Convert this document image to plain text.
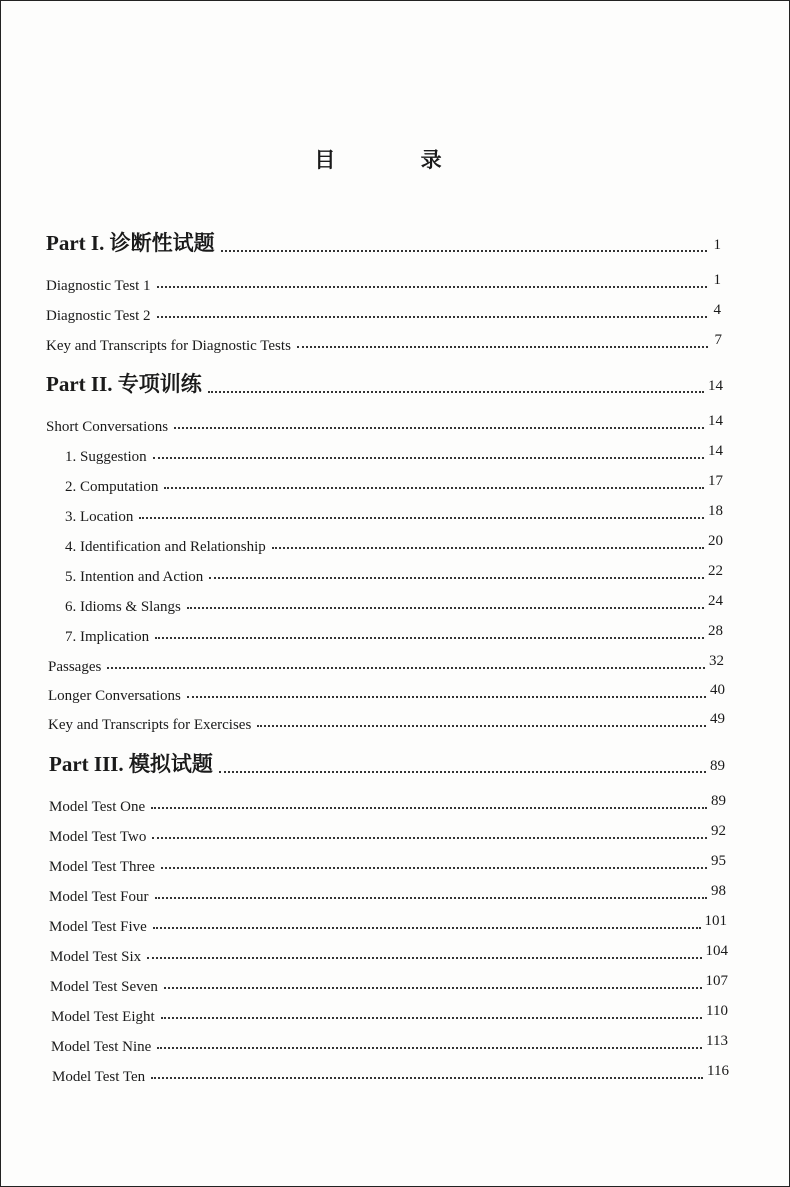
目 录
Part I. 诊断性试题	1
Diagnostic Test 1	1
Diagnostic Test 2	4
Key and Transcripts for Diagnostic Tests	7
Part II. 专项训练	14
Short Conversations	14
1. Suggestion	14
2. Computation	17
3. Location	18
4. Identification and Relationship	20
5. Intention and Action	22
6. Idioms & Slangs	24
7. Implication	28
Passages	32
Longer Conversations	40
Key and Transcripts for Exercises	49
Part III. 模拟试题	89
Model Test One	89
Model Test Two	92
Model Test Three	95
Model Test Four	98
Model Test Five	101
Model Test Six	104
Model Test Seven	107
Model Test Eight	110
Model Test Nine	113
Model Test Ten	116
